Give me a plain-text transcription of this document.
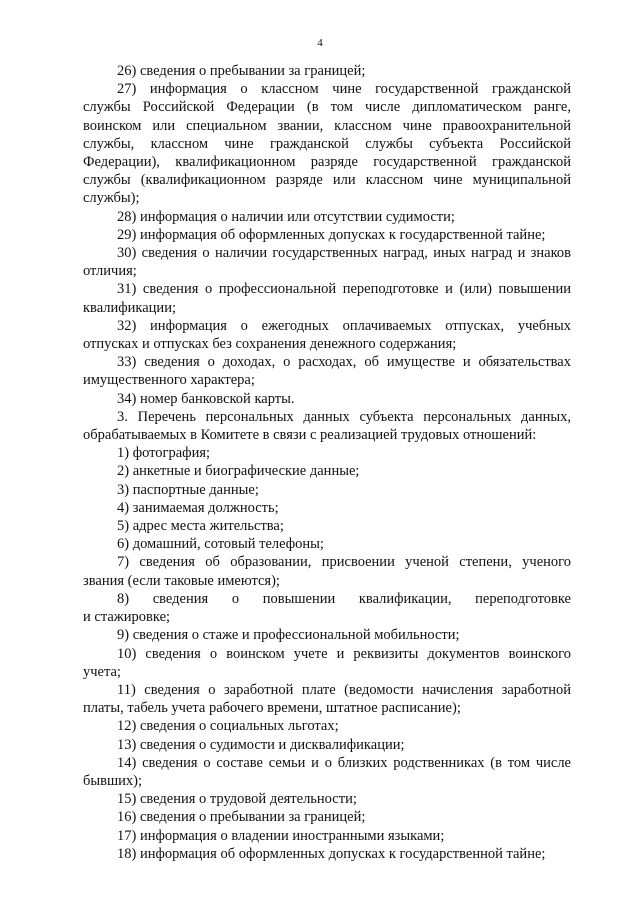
4
26) сведения о пребывании за границей;
27) информация о классном чине государственной гражданской
службы Российской Федерации (в том числе дипломатическом ранге,
воинском или специальном звании, классном чине правоохранительной
службы, классном чине гражданской службы субъекта Российской
Федерации), квалификационном разряде государственной гражданской
службы (квалификационном разряде или классном чине муниципальной
службы);
28) информация о наличии или отсутствии судимости;
29) информация об оформленных допусках к государственной тайне;
30) сведения о наличии государственных наград, иных наград и знаков
отличия;
31) сведения о профессиональной переподготовке и (или) повышении
квалификации;
32) информация о ежегодных оплачиваемых отпусках, учебных
отпусках и отпусках без сохранения денежного содержания;
33) сведения о доходах, о расходах, об имуществе и обязательствах
имущественного характера;
34) номер банковской карты.
3. Перечень персональных данных субъекта персональных данных,
обрабатываемых в Комитете в связи с реализацией трудовых отношений:
1) фотография;
2) анкетные и биографические данные;
3) паспортные данные;
4) занимаемая должность;
5) адрес места жительства;
6) домашний, сотовый телефоны;
7) сведения об образовании, присвоении ученой степени, ученого
звания (если таковые имеются);
8) сведения о повышении квалификации, переподготовке
и стажировке;
9) сведения о стаже и профессиональной мобильности;
10) сведения о воинском учете и реквизиты документов воинского
учета;
11) сведения о заработной плате (ведомости начисления заработной
платы, табель учета рабочего времени, штатное расписание);
12) сведения о социальных льготах;
13) сведения о судимости и дисквалификации;
14) сведения о составе семьи и о близких родственниках (в том числе
бывших);
15) сведения о трудовой деятельности;
16) сведения о пребывании за границей;
17) информация о владении иностранными языками;
18) информация об оформленных допусках к государственной тайне;
